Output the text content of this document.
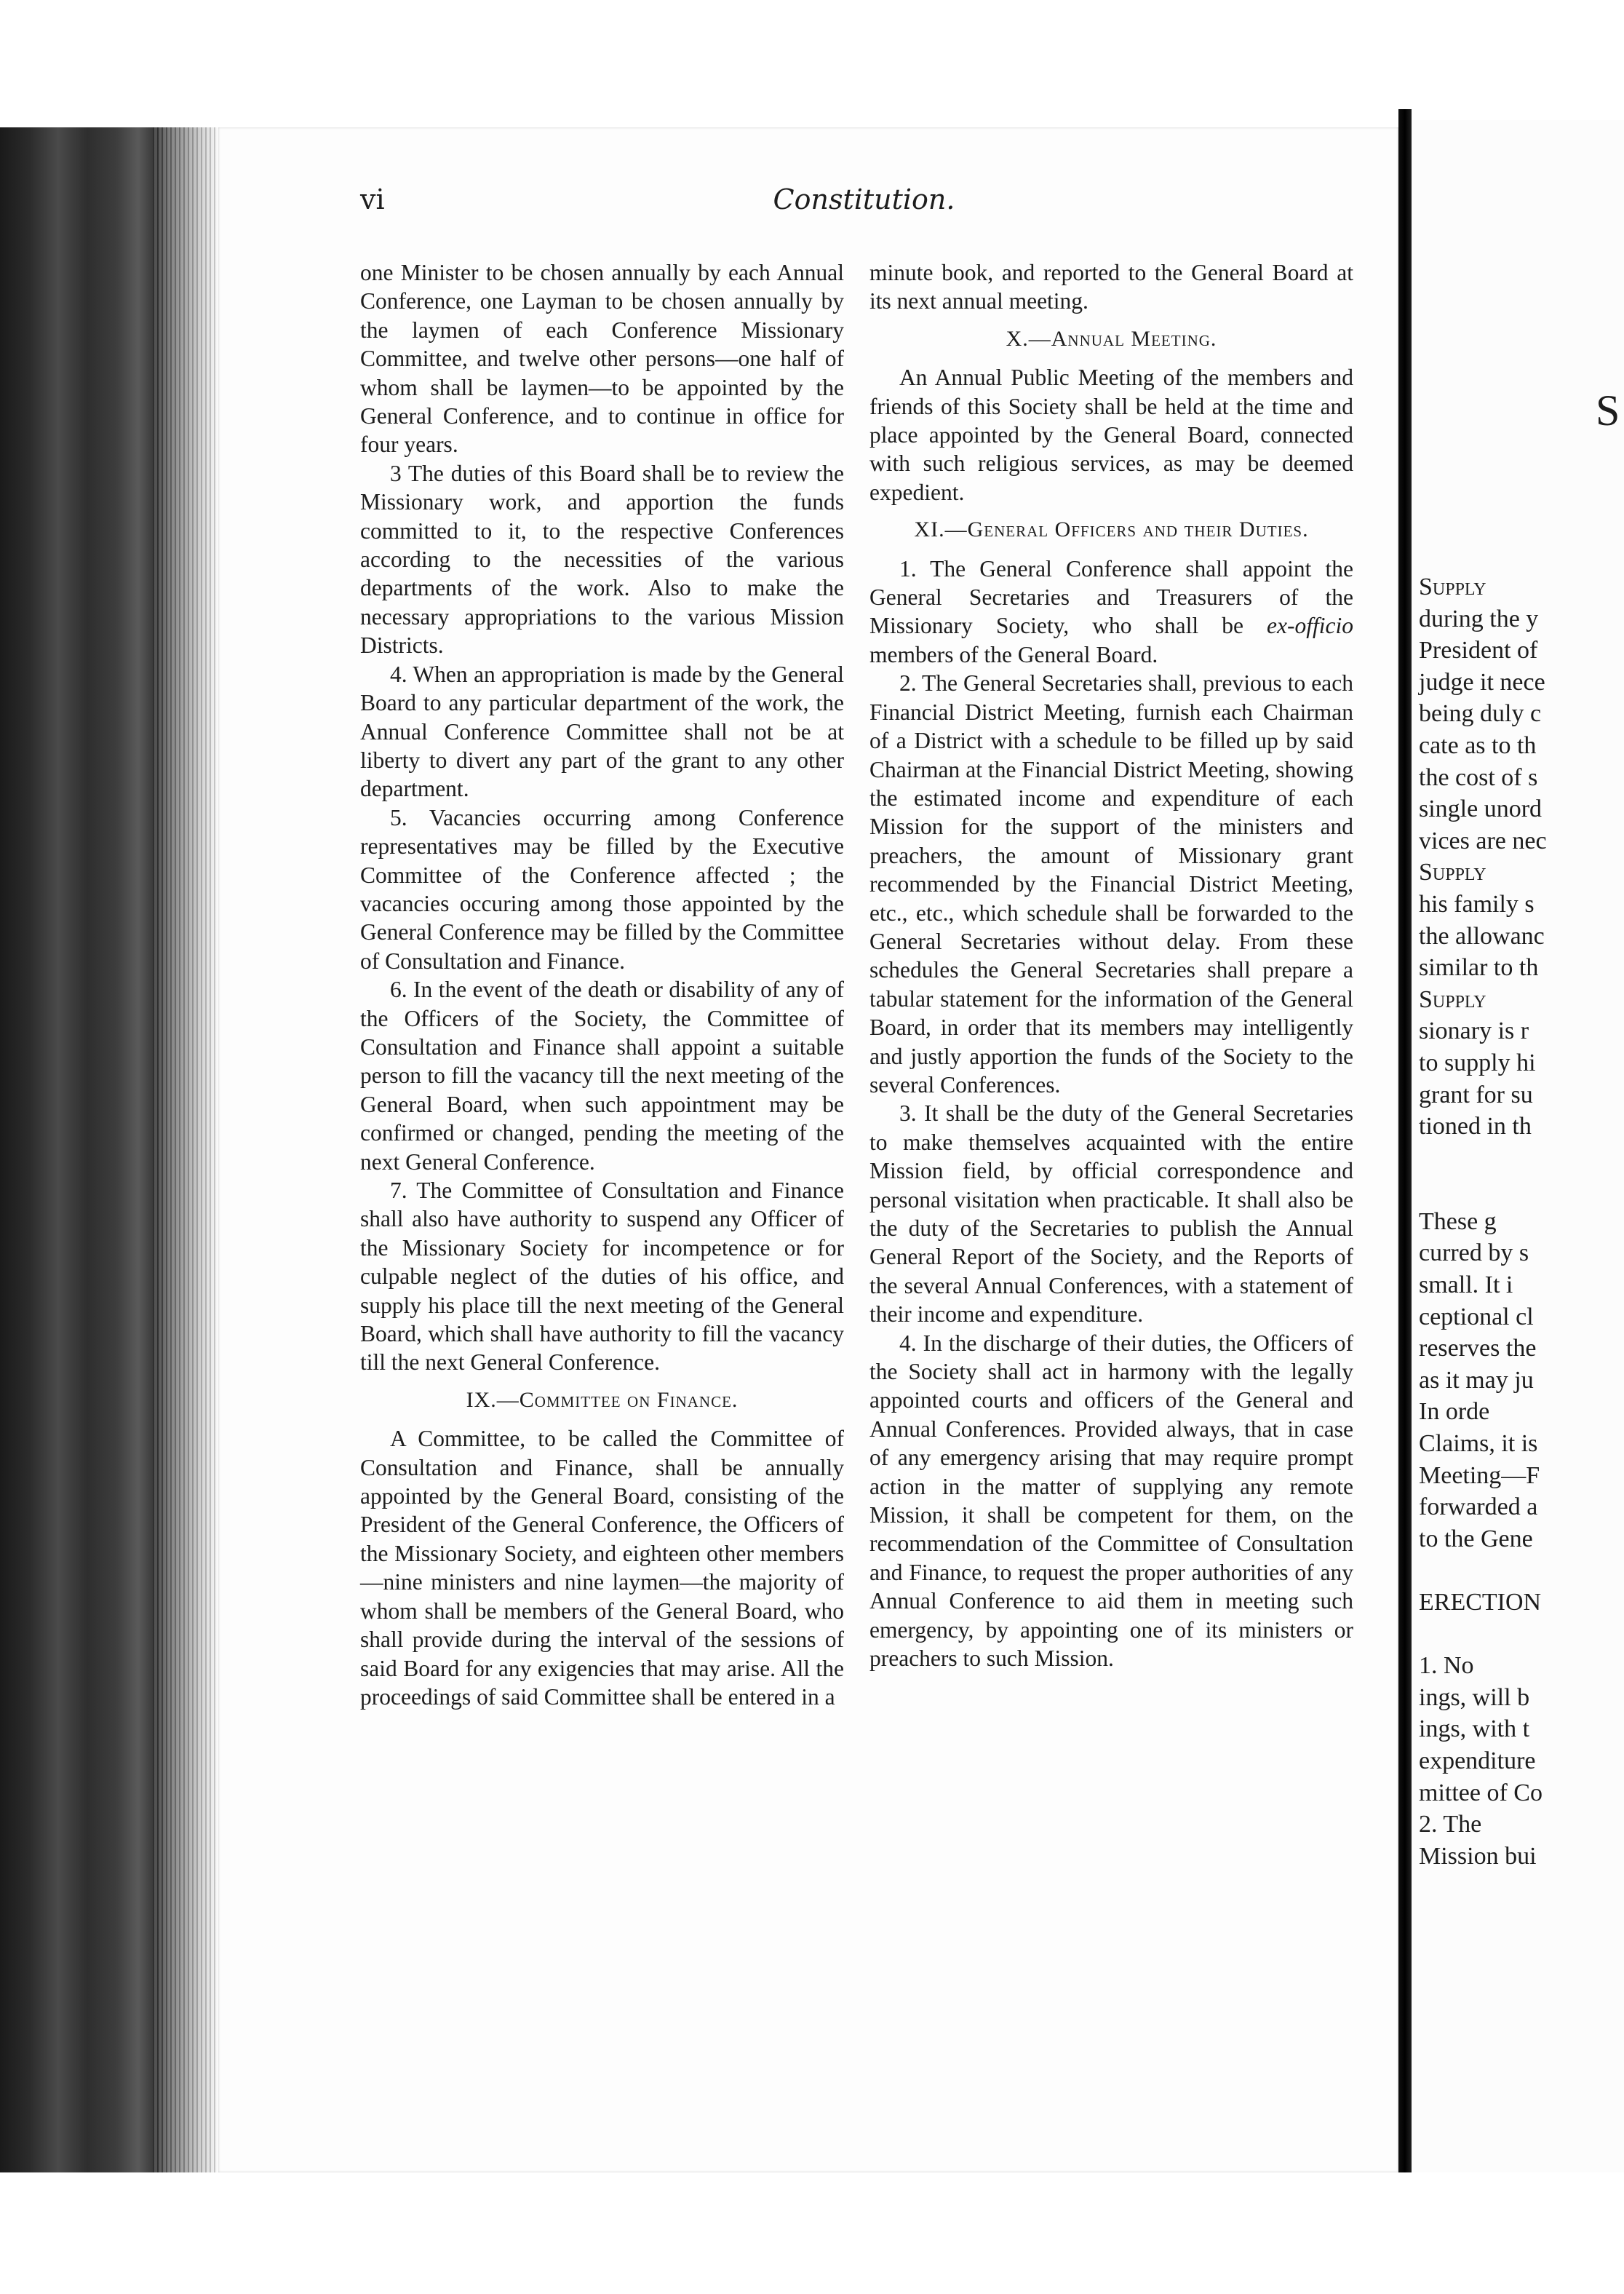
vi	Constitution.

one Minister to be chosen annually by each Annual Conference, one Layman to be chosen annually by the laymen of each Conference Missionary Committee, and twelve other persons—one half of whom shall be laymen—to be appointed by the General Conference, and to continue in office for four years.

3 The duties of this Board shall be to review the Missionary work, and apportion the funds committed to it, to the respective Conferences according to the necessities of the various departments of the work. Also to make the necessary appropriations to the various Mission Districts.

4. When an appropriation is made by the General Board to any particular department of the work, the Annual Conference Committee shall not be at liberty to divert any part of the grant to any other department.

5. Vacancies occurring among Conference representatives may be filled by the Executive Committee of the Conference affected ; the vacancies occuring among those appointed by the General Conference may be filled by the Committee of Consultation and Finance.

6. In the event of the death or disability of any of the Officers of the Society, the Committee of Consultation and Finance shall appoint a suitable person to fill the vacancy till the next meeting of the General Board, when such appointment may be confirmed or changed, pending the meeting of the next General Conference.

7. The Committee of Consultation and Finance shall also have authority to suspend any Officer of the Missionary Society for incompetence or for culpable neglect of the duties of his office, and supply his place till the next meeting of the General Board, which shall have authority to fill the vacancy till the next General Conference.

IX.—Committee on Finance.

A Committee, to be called the Committee of Consultation and Finance, shall be annually appointed by the General Board, consisting of the President of the General Conference, the Officers of the Missionary Society, and eighteen other members—nine ministers and nine laymen—the majority of whom shall be members of the General Board, who shall provide during the interval of the sessions of said Board for any exigencies that may arise. All the proceedings of said Committee shall be entered in a

minute book, and reported to the General Board at its next annual meeting.

X.—Annual Meeting.

An Annual Public Meeting of the members and friends of this Society shall be held at the time and place appointed by the General Board, connected with such religious services, as may be deemed expedient.

XI.—General Officers and their Duties.

1. The General Conference shall appoint the General Secretaries and Treasurers of the Missionary Society, who shall be ex-officio members of the General Board.

2. The General Secretaries shall, previous to each Financial District Meeting, furnish each Chairman of a District with a schedule to be filled up by said Chairman at the Financial District Meeting, showing the estimated income and expenditure of each Mission for the support of the ministers and preachers, the amount of Missionary grant recommended by the Financial District Meeting, etc., etc., which schedule shall be forwarded to the General Secretaries without delay. From these schedules the General Secretaries shall prepare a tabular statement for the information of the General Board, in order that its members may intelligently and justly apportion the funds of the Society to the several Conferences.

3. It shall be the duty of the General Secretaries to make themselves acquainted with the entire Mission field, by official correspondence and personal visitation when practicable. It shall also be the duty of the Secretaries to publish the Annual General Report of the Society, and the Reports of the several Annual Conferences, with a statement of their income and expenditure.

4. In the discharge of their duties, the Officers of the Society shall act in harmony with the legally appointed courts and officers of the General and Annual Conferences. Provided always, that in case of any emergency arising that may require prompt action in the matter of supplying any remote Mission, it shall be competent for them, on the recommendation of the Committee of Consultation and Finance, to request the proper authorities of any Annual Conference to aid them in meeting such emergency, by appointing one of its ministers or preachers to such Mission.

S
Supply
during the y
President of
judge it nece
being duly c
cate as to th
the cost of s
single unord
vices are nec
Supply
his family s
the allowanc
similar to th
Supply
sionary is r
to supply hi
grant for su
tioned in th
These g
curred by s
small. It i
ceptional cl
reserves the
as it may ju
In orde
Claims, it is
Meeting—F
forwarded a
to the Gene
ERECTION
1. No
ings, will b
ings, with t
expenditure
mittee of Co
2. The
Mission bui
